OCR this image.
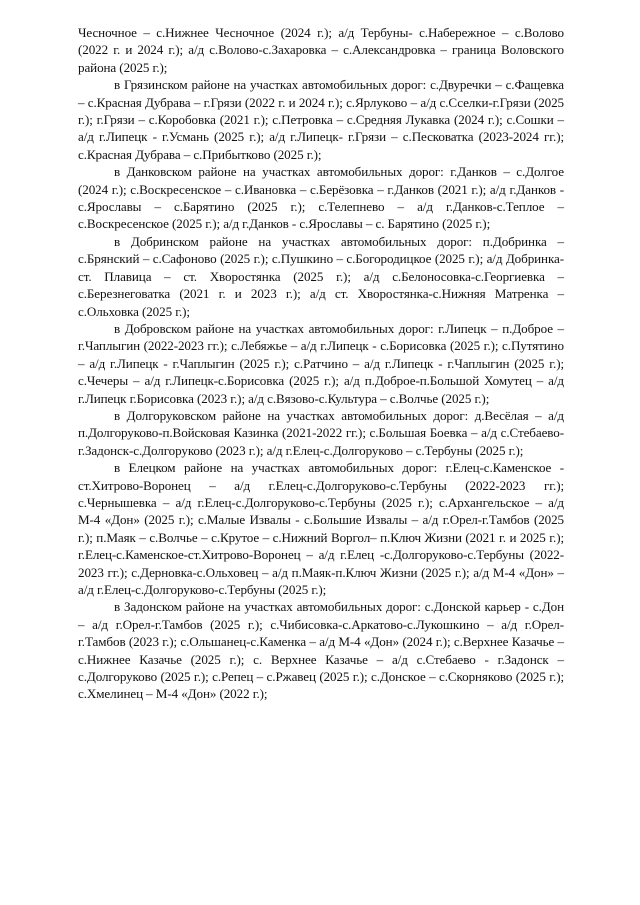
Чесночное – с.Нижнее Чесночное (2024 г.); а/д Тербуны- с.Набережное – с.Волово (2022 г. и 2024 г.); а/д с.Волово-с.Захаровка – с.Александровка – граница Воловского района (2025 г.);

в Грязинском районе на участках автомобильных дорог: с.Двуречки – с.Фащевка – с.Красная Дубрава – г.Грязи (2022 г. и 2024 г.); с.Ярлуково – а/д с.Сселки-г.Грязи (2025 г.); г.Грязи – с.Коробовка (2021 г.); с.Петровка – с.Средняя Лукавка (2024 г.); с.Сошки – а/д г.Липецк - г.Усмань (2025 г.); а/д г.Липецк- г.Грязи – с.Песковатка (2023-2024 гг.); с.Красная Дубрава – с.Прибытково (2025 г.);

в Данковском районе на участках автомобильных дорог: г.Данков – с.Долгое (2024 г.); с.Воскресенское – с.Ивановка – с.Берёзовка – г.Данков (2021 г.); а/д г.Данков - с.Ярославы – с.Барятино (2025 г.); с.Телепнево – а/д г.Данков-с.Теплое – с.Воскресенское (2025 г.); а/д г.Данков - с.Ярославы – с. Барятино (2025 г.);

в Добринском районе на участках автомобильных дорог: п.Добринка – с.Брянский – с.Сафоново (2025 г.); с.Пушкино – с.Богородицкое (2025 г.); а/д Добринка-ст. Плавица – ст. Хворостянка (2025 г.); а/д с.Белоносовка-с.Георгиевка – с.Березнеговатка (2021 г. и 2023 г.); а/д ст. Хворостянка-с.Нижняя Матренка – с.Ольховка (2025 г.);

в Добровском районе на участках автомобильных дорог: г.Липецк – п.Доброе – г.Чаплыгин (2022-2023 гг.); с.Лебяжье – а/д г.Липецк - с.Борисовка (2025 г.); с.Путятино – а/д г.Липецк - г.Чаплыгин (2025 г.); с.Ратчино – а/д г.Липецк - г.Чаплыгин (2025 г.); с.Чечеры – а/д г.Липецк-с.Борисовка (2025 г.); а/д п.Доброе-п.Большой Хомутец – а/д г.Липецк г.Борисовка (2023 г.); а/д с.Вязово-с.Культура – с.Волчье (2025 г.);

в Долгоруковском районе на участках автомобильных дорог: д.Весёлая – а/д п.Долгоруково-п.Войсковая Казинка (2021-2022 гг.); с.Большая Боевка – а/д с.Стебаево-г.Задонск-с.Долгоруково (2023 г.); а/д г.Елец-с.Долгоруково – с.Тербуны (2025 г.);

в Елецком районе на участках автомобильных дорог: г.Елец-с.Каменское - ст.Хитрово-Воронец – а/д г.Елец-с.Долгоруково-с.Тербуны (2022-2023 гг.); с.Чернышевка – а/д г.Елец-с.Долгоруково-с.Тербуны (2025 г.); с.Архангельское – а/д М-4 «Дон» (2025 г.); с.Малые Извалы - с.Большие Извалы – а/д г.Орел-г.Тамбов (2025 г.); п.Маяк – с.Волчье – с.Крутое – с.Нижний Воргол– п.Ключ Жизни (2021 г. и 2025 г.); г.Елец-с.Каменское-ст.Хитрово-Воронец – а/д г.Елец -с.Долгоруково-с.Тербуны (2022-2023 гг.); с.Дерновка-с.Ольховец – а/д п.Маяк-п.Ключ Жизни (2025 г.); а/д М-4 «Дон» – а/д г.Елец-с.Долгоруково-с.Тербуны (2025 г.);

в Задонском районе на участках автомобильных дорог: с.Донской карьер - с.Дон – а/д г.Орел-г.Тамбов (2025 г.); с.Чибисовка-с.Аркатово-с.Лукошкино – а/д г.Орел-г.Тамбов (2023 г.); с.Ольшанец-с.Каменка – а/д М-4 «Дон» (2024 г.); с.Верхнее Казачье – с.Нижнее Казачье (2025 г.); с. Верхнее Казачье – а/д с.Стебаево - г.Задонск – с.Долгоруково (2025 г.); с.Репец – с.Ржавец (2025 г.); с.Донское – с.Скорняково (2025 г.); с.Хмелинец – М-4 «Дон» (2022 г.);
